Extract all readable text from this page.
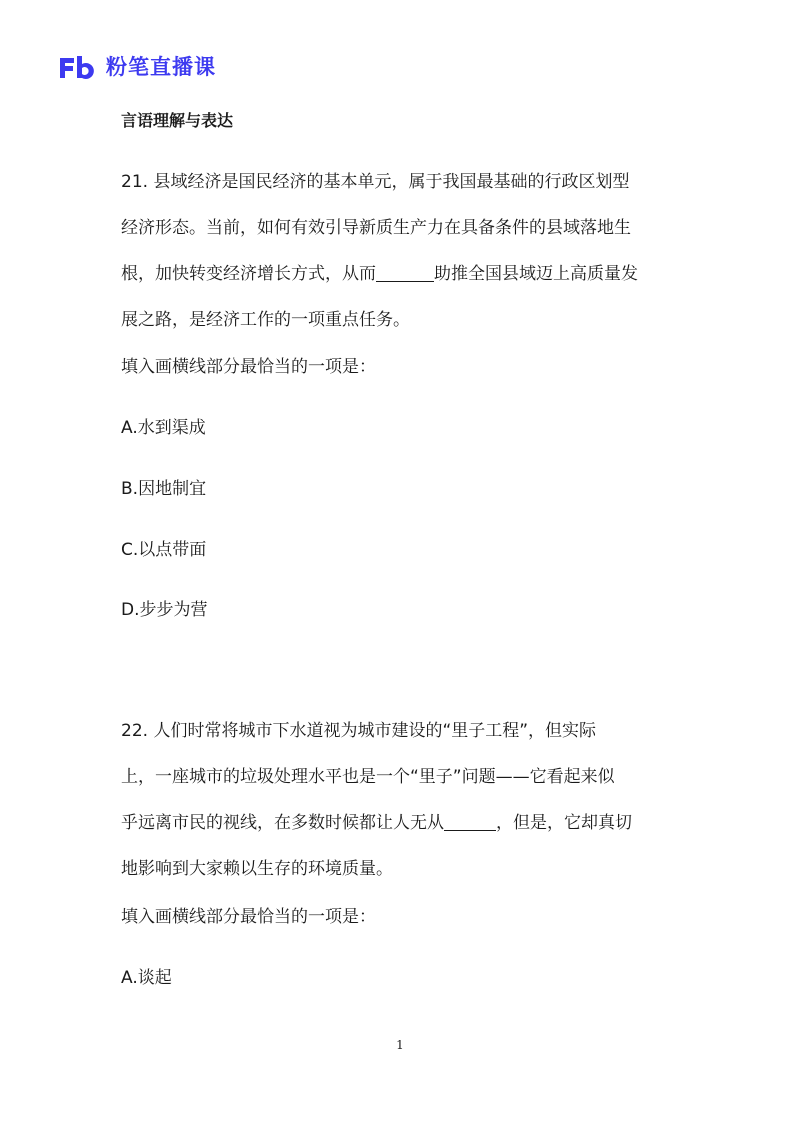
粉笔直播课
言语理解与表达
21. 县域经济是国民经济的基本单元，属于我国最基础的行政区划型
经济形态。当前，如何有效引导新质生产力在具备条件的县域落地生
根，加快转变经济增长方式，从而	助推全国县域迈上高质量发
展之路，是经济工作的一项重点任务。

填入画横线部分最恰当的一项是：

A.水到渠成

B.因地制宜

C.以点带面

D.步步为营

22. 人们时常将城市下水道视为城市建设的“里子工程”，但实际
上，一座城市的垃圾处理水平也是一个“里子”问题——它看起来似
乎远离市民的视线，在多数时候都让人无从	，但是，它却真切
地影响到大家赖以生存的环境质量。

填入画横线部分最恰当的一项是：

A.谈起

1
